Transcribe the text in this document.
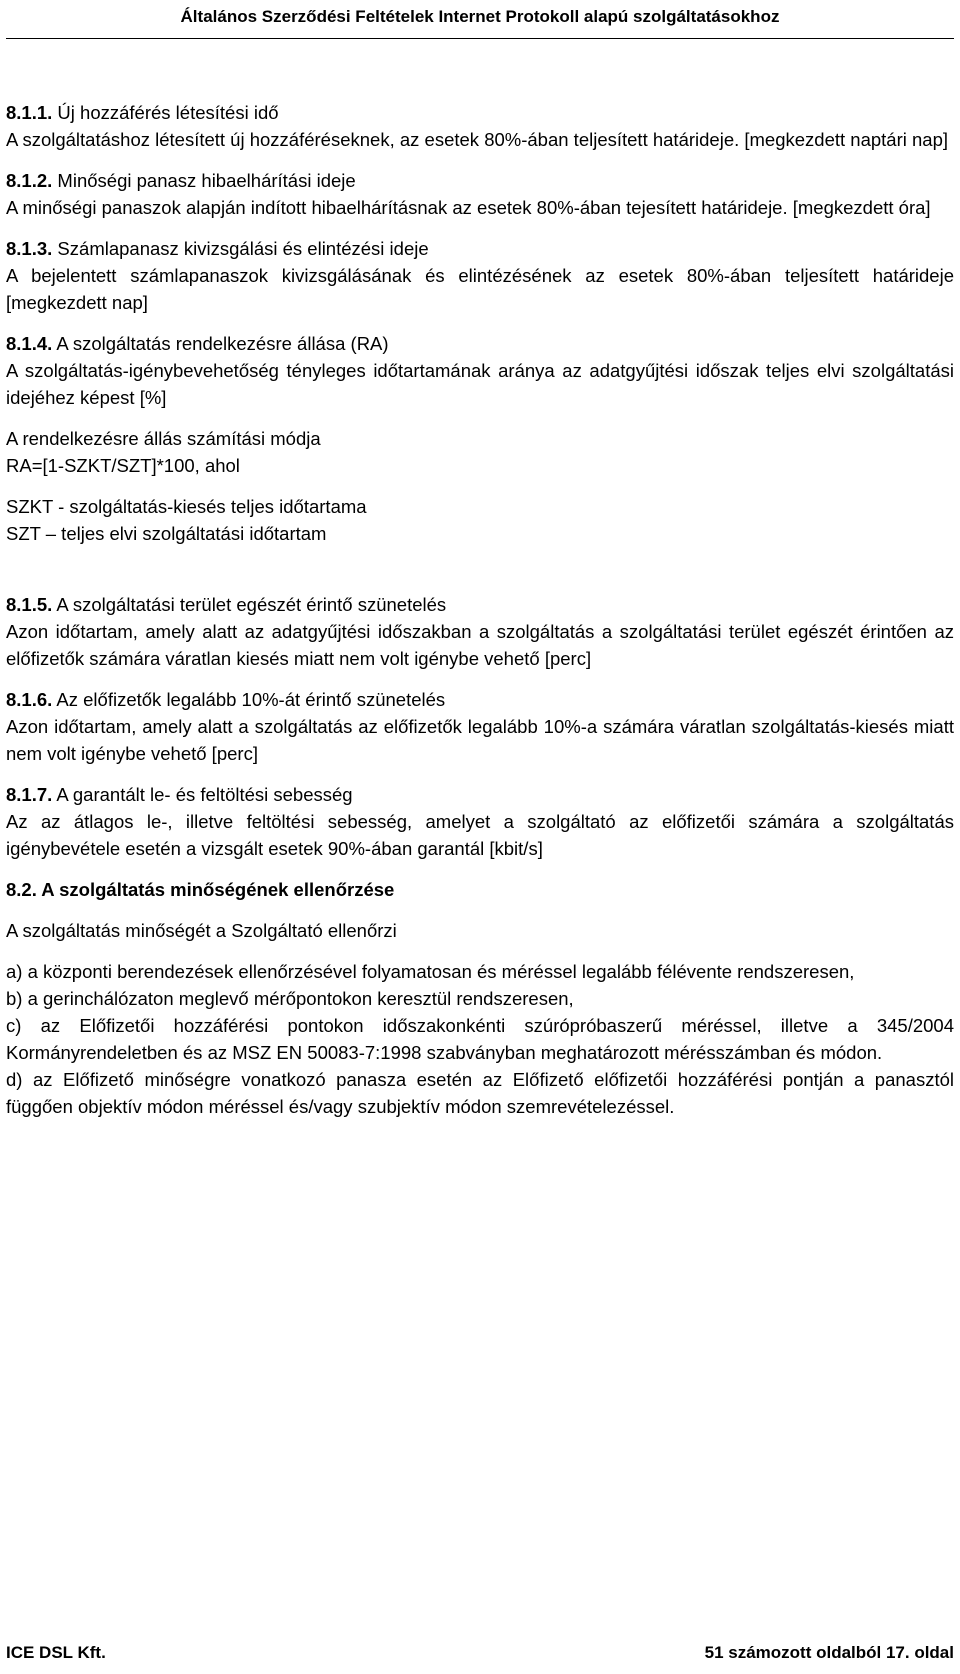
Általános Szerződési Feltételek Internet Protokoll alapú szolgáltatásokhoz

8.1.1. Új hozzáférés létesítési idő

A szolgáltatáshoz létesített új hozzáféréseknek, az esetek 80%-ában teljesített határideje. [megkezdett naptári nap]

8.1.2. Minőségi panasz hibaelhárítási ideje

A minőségi panaszok alapján indított hibaelhárításnak az esetek 80%-ában tejesített határideje. [megkezdett óra]

8.1.3. Számlapanasz kivizsgálási és elintézési ideje

A bejelentett számlapanaszok kivizsgálásának és elintézésének az esetek 80%-ában teljesített határideje [megkezdett nap]

8.1.4. A szolgáltatás rendelkezésre állása (RA)

A szolgáltatás-igénybevehetőség tényleges időtartamának aránya az adatgyűjtési időszak teljes elvi szolgáltatási idejéhez képest [%]

A rendelkezésre állás számítási módja

RA=[1-SZKT/SZT]*100, ahol

SZKT - szolgáltatás-kiesés teljes időtartama

SZT – teljes elvi szolgáltatási időtartam

8.1.5. A szolgáltatási terület egészét érintő szünetelés

Azon időtartam, amely alatt az adatgyűjtési időszakban a szolgáltatás a szolgáltatási terület egészét érintően az előfizetők számára váratlan kiesés miatt nem volt igénybe vehető [perc]

8.1.6. Az előfizetők legalább 10%-át érintő szünetelés

Azon időtartam, amely alatt a szolgáltatás az előfizetők legalább 10%-a számára váratlan szolgáltatás-kiesés miatt nem volt igénybe vehető [perc]

8.1.7. A garantált le- és feltöltési sebesség

Az az átlagos le-, illetve feltöltési sebesség, amelyet a szolgáltató az előfizetői számára a szolgáltatás igénybevétele esetén a vizsgált esetek 90%-ában garantál [kbit/s]

8.2. A szolgáltatás minőségének ellenőrzése

A szolgáltatás minőségét a Szolgáltató ellenőrzi

a) a központi berendezések ellenőrzésével folyamatosan és méréssel legalább félévente rendszeresen,

b) a gerinchálózaton meglevő mérőpontokon keresztül rendszeresen,

c) az Előfizetői hozzáférési pontokon időszakonkénti szúrópróbaszerű méréssel, illetve a 345/2004 Kormányrendeletben és az MSZ EN 50083-7:1998 szabványban meghatározott mérésszámban és módon.

d) az Előfizető minőségre vonatkozó panasza esetén az Előfizető előfizetői hozzáférési pontján a panasztól függően objektív módon méréssel és/vagy szubjektív módon szemrevételezéssel.

ICE DSL Kft.	51 számozott oldalból 17. oldal
